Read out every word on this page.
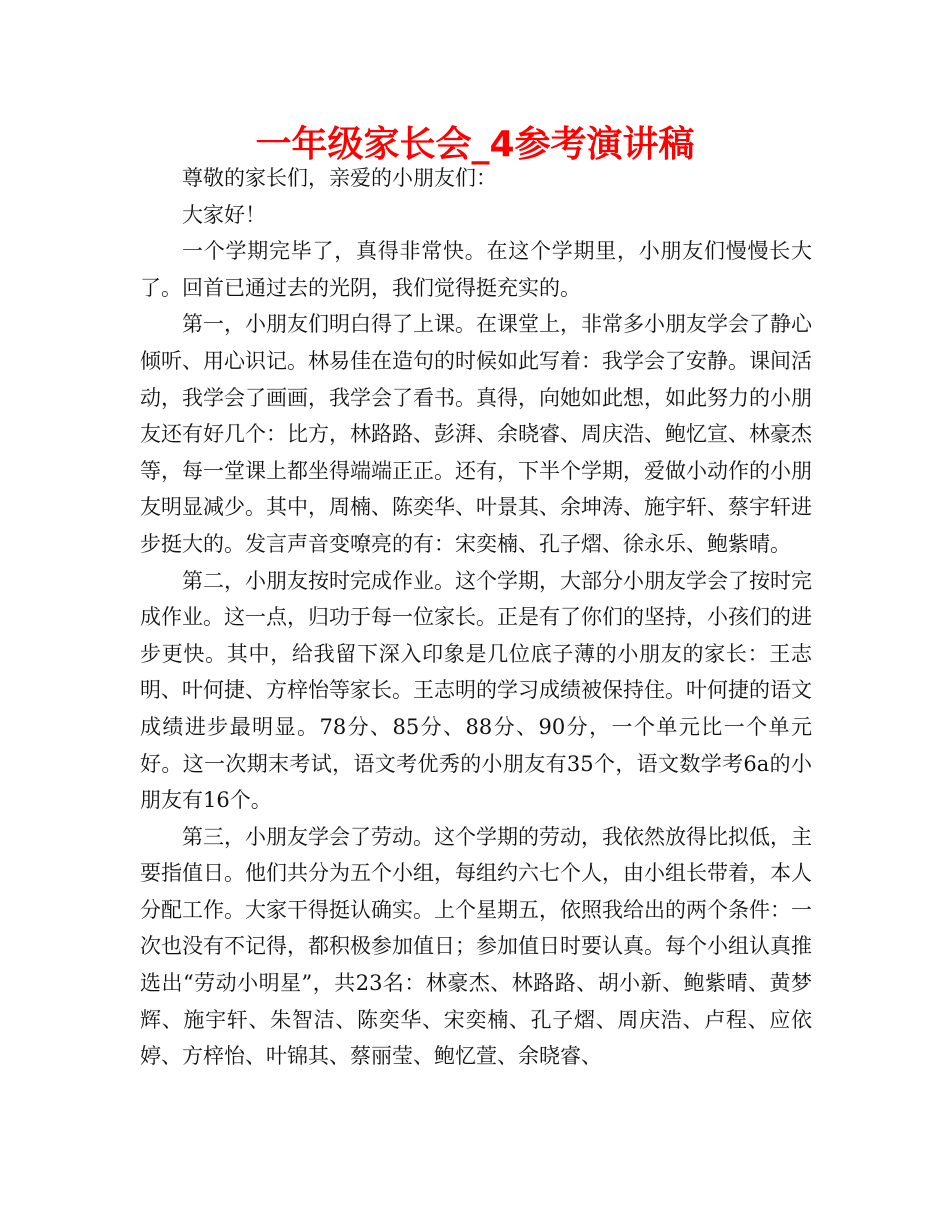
一年级家长会_4参考演讲稿

尊敬的家长们，亲爱的小朋友们：

大家好！

一个学期完毕了，真得非常快。在这个学期里，小朋友们慢慢长大了。回首已通过去的光阴，我们觉得挺充实的。

第一，小朋友们明白得了上课。在课堂上，非常多小朋友学会了静心倾听、用心识记。林易佳在造句的时候如此写着：我学会了安静。课间活动，我学会了画画，我学会了看书。真得，向她如此想，如此努力的小朋友还有好几个：比方，林路路、彭湃、余晓睿、周庆浩、鲍忆宣、林豪杰等，每一堂课上都坐得端端正正。还有，下半个学期，爱做小动作的小朋友明显减少。其中，周楠、陈奕华、叶景其、余坤涛、施宇轩、蔡宇轩进步挺大的。发言声音变嘹亮的有：宋奕楠、孔子熠、徐永乐、鲍紫晴。

第二，小朋友按时完成作业。这个学期，大部分小朋友学会了按时完成作业。这一点，归功于每一位家长。正是有了你们的坚持，小孩们的进步更快。其中，给我留下深入印象是几位底子薄的小朋友的家长：王志明、叶何捷、方梓怡等家长。王志明的学习成绩被保持住。叶何捷的语文成绩进步最明显。78分、85分、88分、90分，一个单元比一个单元好。这一次期末考试，语文考优秀的小朋友有35个，语文数学考6a的小朋友有16个。

第三，小朋友学会了劳动。这个学期的劳动，我依然放得比拟低，主要指值日。他们共分为五个小组，每组约六七个人，由小组长带着，本人分配工作。大家干得挺认确实。上个星期五，依照我给出的两个条件：一次也没有不记得，都积极参加值日；参加值日时要认真。每个小组认真推选出“劳动小明星”，共23名：林豪杰、林路路、胡小新、鲍紫晴、黄梦辉、施宇轩、朱智洁、陈奕华、宋奕楠、孔子熠、周庆浩、卢程、应依婷、方梓怡、叶锦其、蔡丽莹、鲍忆萱、余晓睿、
